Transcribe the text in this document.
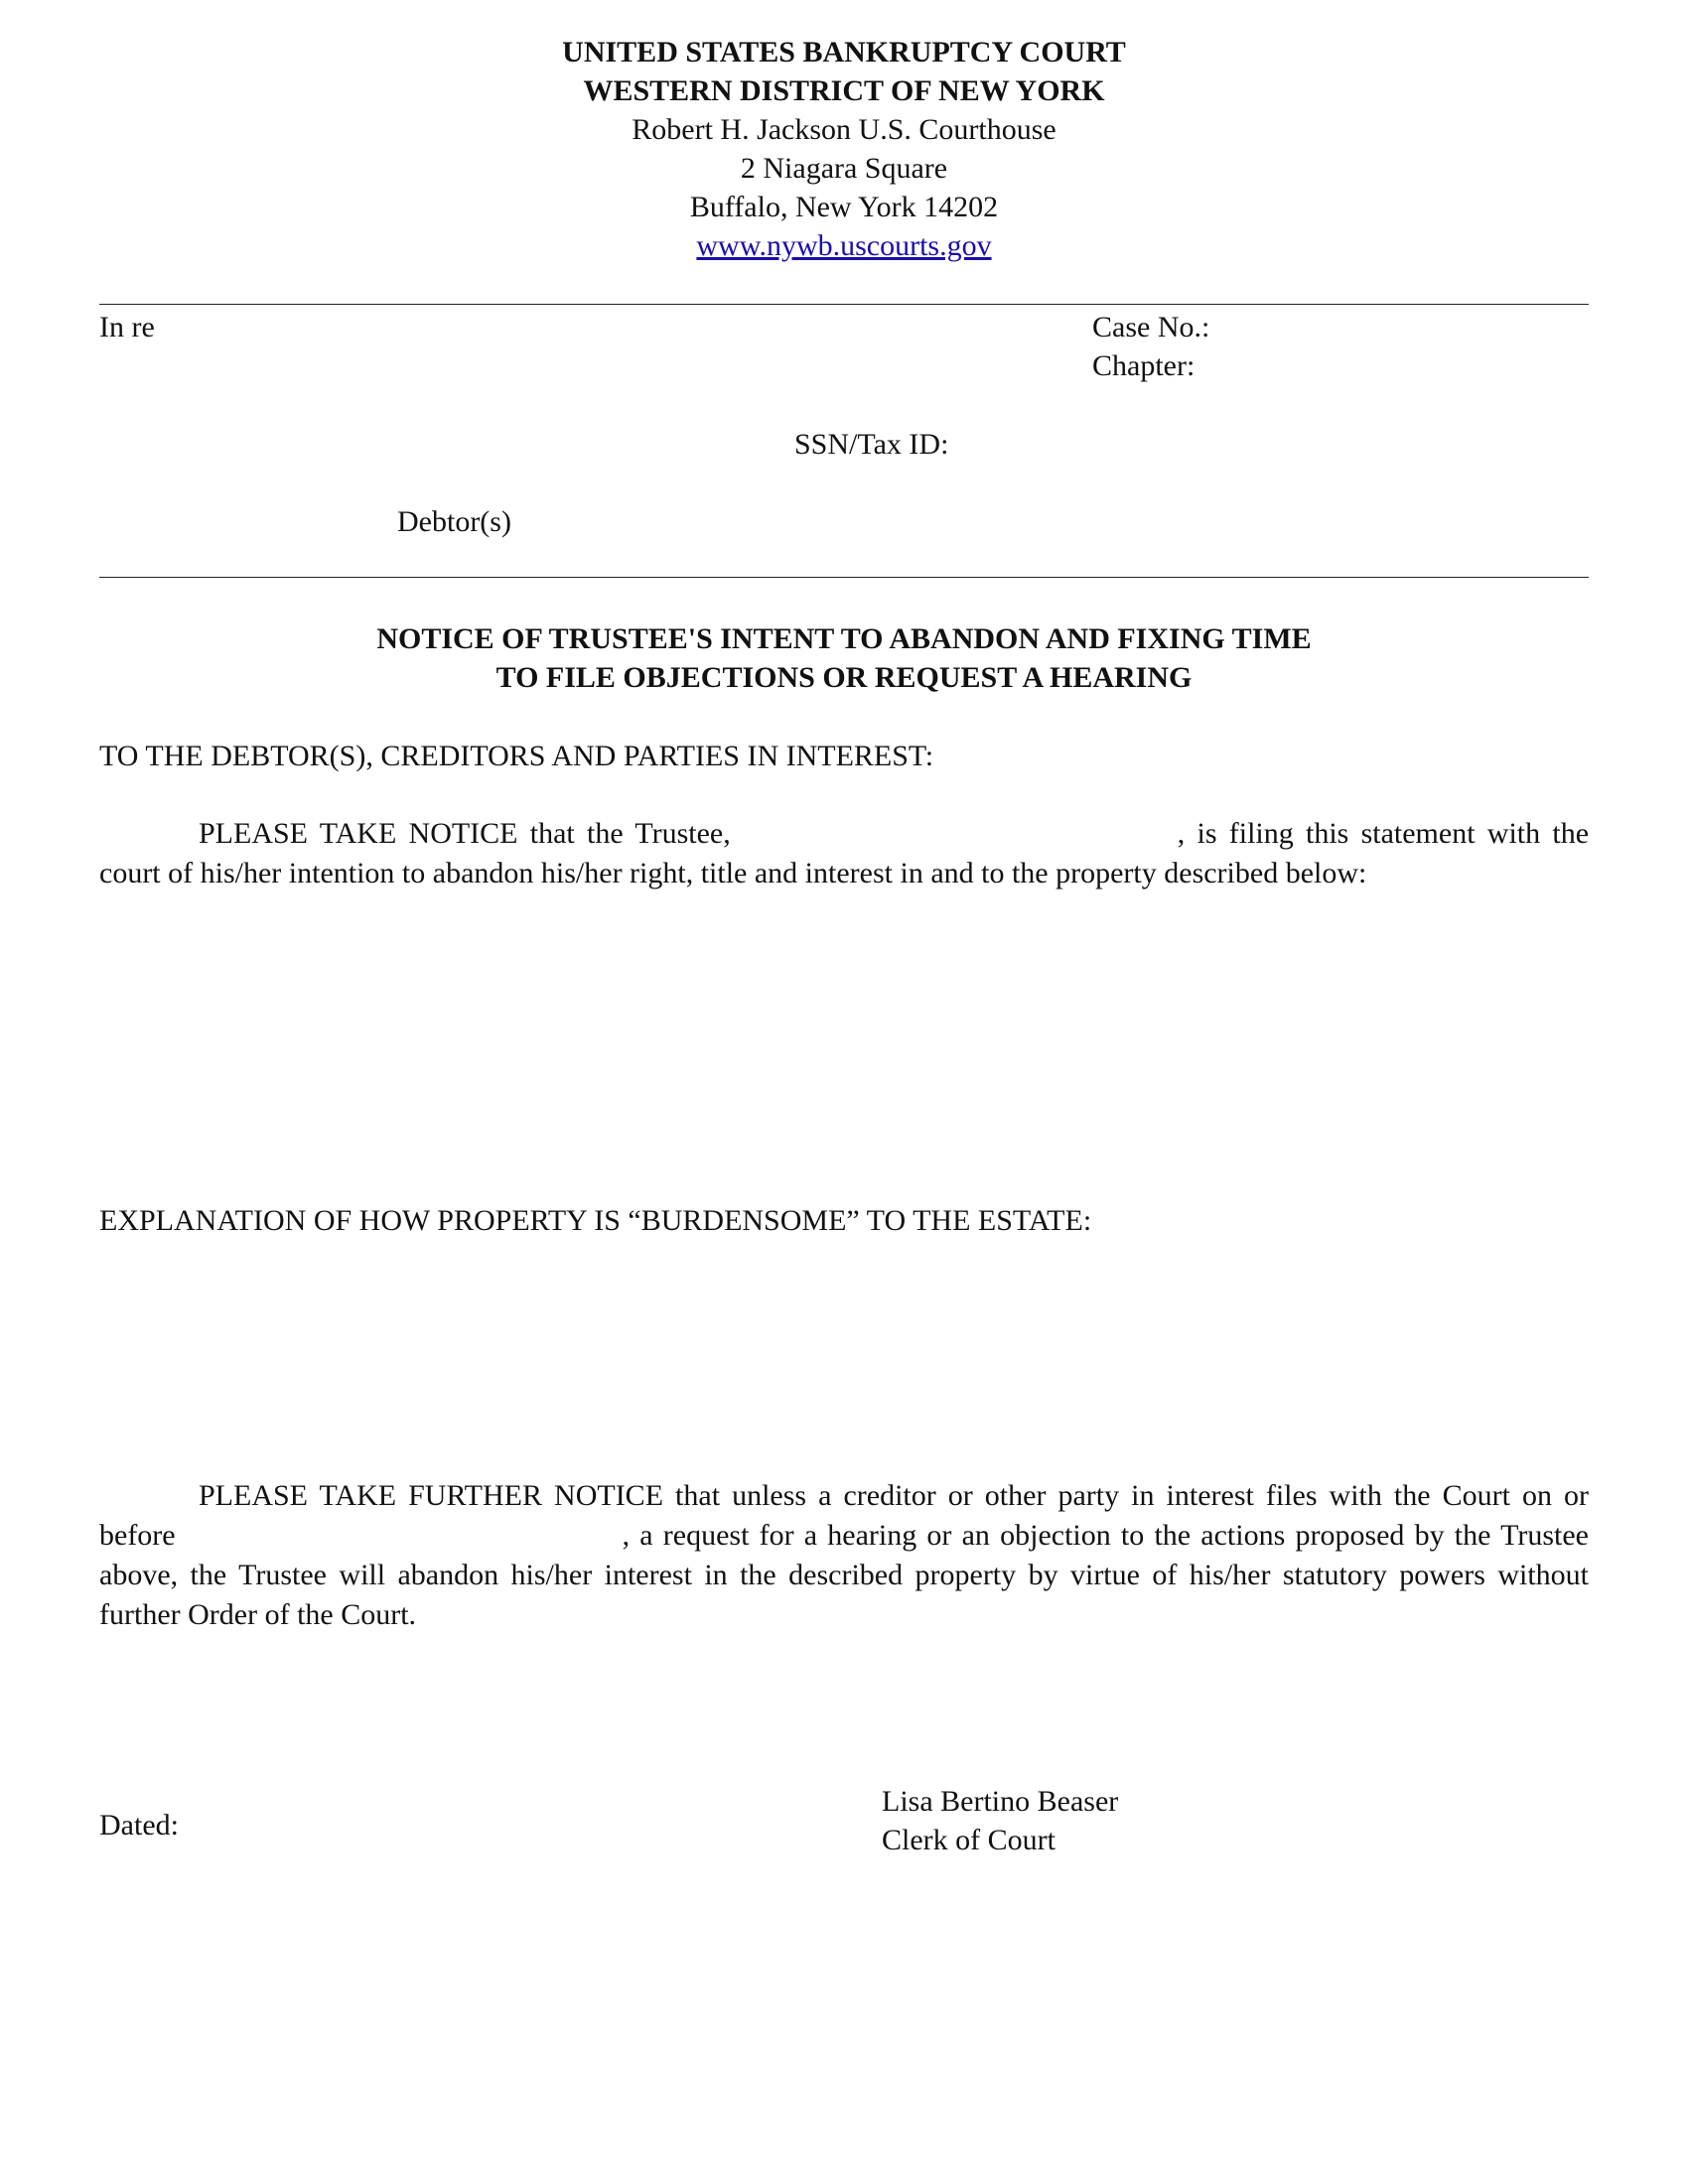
UNITED STATES BANKRUPTCY COURT
WESTERN DISTRICT OF NEW YORK
Robert H. Jackson U.S. Courthouse
2 Niagara Square
Buffalo, New York 14202
www.nywb.uscourts.gov
In re	Case No.:
Chapter:
SSN/Tax ID:
Debtor(s)
NOTICE OF TRUSTEE'S INTENT TO ABANDON AND FIXING TIME
TO FILE OBJECTIONS OR REQUEST A HEARING
TO THE DEBTOR(S), CREDITORS AND PARTIES IN INTEREST:
PLEASE TAKE NOTICE that the Trustee,	, is filing this statement with the court of his/her intention to abandon his/her right, title and interest in and to the property described below:
EXPLANATION OF HOW PROPERTY IS “BURDENSOME” TO THE ESTATE:
PLEASE TAKE FURTHER NOTICE that unless a creditor or other party in interest files with the Court on or before	, a request for a hearing or an objection to the actions proposed by the Trustee above, the Trustee will abandon his/her interest in the described property by virtue of his/her statutory powers without further Order of the Court.
Dated:
Lisa Bertino Beaser
Clerk of Court
